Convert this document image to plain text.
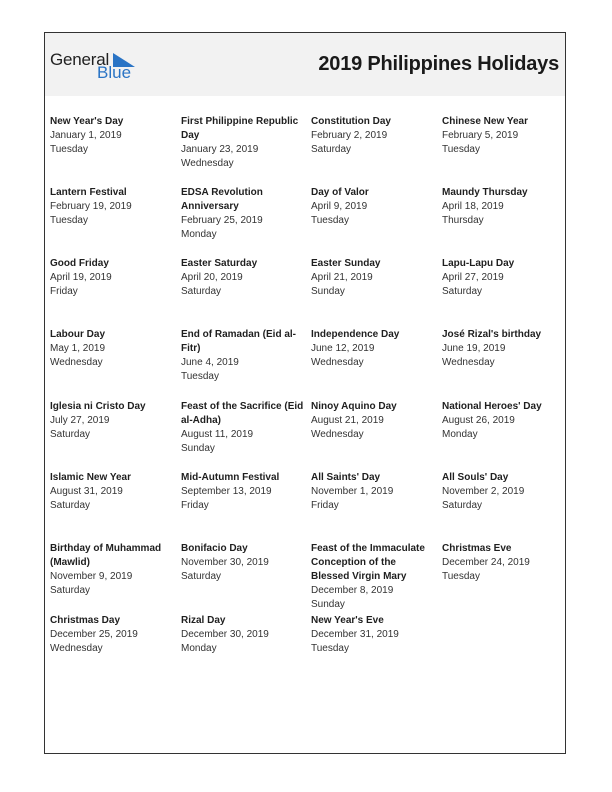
General
Blue	2019 Philippines Holidays
New Year's Day
January 1, 2019
Tuesday
First Philippine Republic Day
January 23, 2019
Wednesday
Constitution Day
February 2, 2019
Saturday
Chinese New Year
February 5, 2019
Tuesday
Lantern Festival
February 19, 2019
Tuesday
EDSA Revolution Anniversary
February 25, 2019
Monday
Day of Valor
April 9, 2019
Tuesday
Maundy Thursday
April 18, 2019
Thursday
Good Friday
April 19, 2019
Friday
Easter Saturday
April 20, 2019
Saturday
Easter Sunday
April 21, 2019
Sunday
Lapu-Lapu Day
April 27, 2019
Saturday
Labour Day
May 1, 2019
Wednesday
End of Ramadan (Eid al-Fitr)
June 4, 2019
Tuesday
Independence Day
June 12, 2019
Wednesday
José Rizal's birthday
June 19, 2019
Wednesday
Iglesia ni Cristo Day
July 27, 2019
Saturday
Feast of the Sacrifice (Eid al-Adha)
August 11, 2019
Sunday
Ninoy Aquino Day
August 21, 2019
Wednesday
National Heroes' Day
August 26, 2019
Monday
Islamic New Year
August 31, 2019
Saturday
Mid-Autumn Festival
September 13, 2019
Friday
All Saints' Day
November 1, 2019
Friday
All Souls' Day
November 2, 2019
Saturday
Birthday of Muhammad (Mawlid)
November 9, 2019
Saturday
Bonifacio Day
November 30, 2019
Saturday
Feast of the Immaculate Conception of the Blessed Virgin Mary
December 8, 2019
Sunday
Christmas Eve
December 24, 2019
Tuesday
Christmas Day
December 25, 2019
Wednesday
Rizal Day
December 30, 2019
Monday
New Year's Eve
December 31, 2019
Tuesday
